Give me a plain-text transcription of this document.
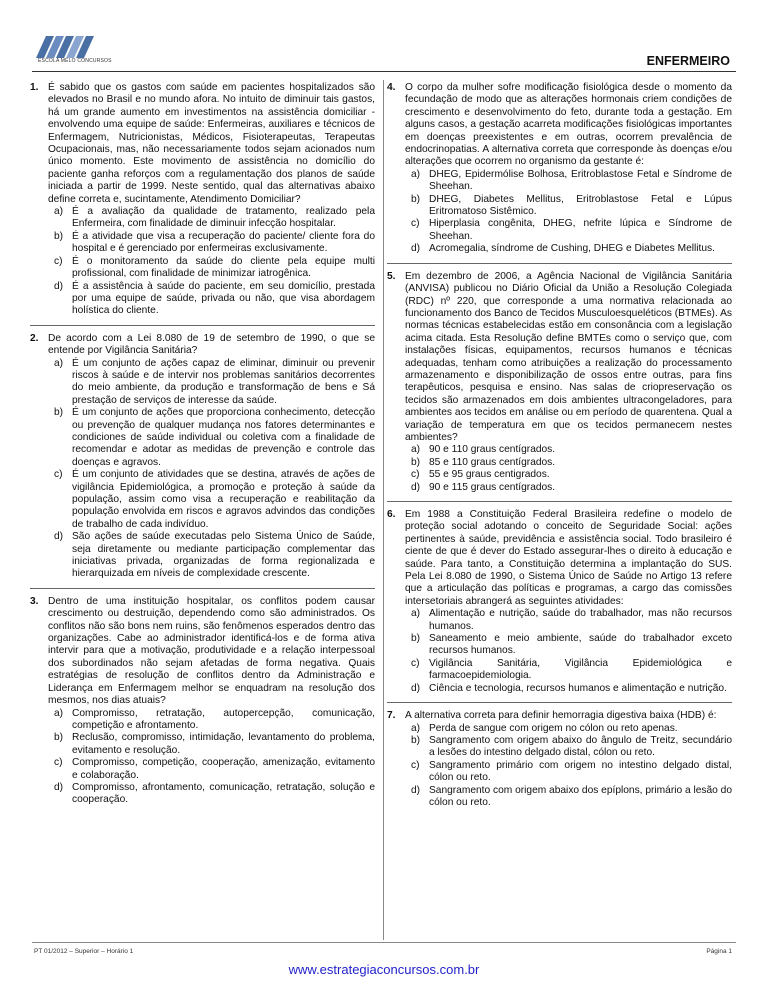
ESCOLA MELO CONCURSOS	ENFERMEIRO
1. É sabido que os gastos com saúde em pacientes hospitalizados são elevados no Brasil e no mundo afora. No intuito de diminuir tais gastos, há um grande aumento em investimentos na assistência domiciliar - envolvendo uma equipe de saúde: Enfermeiras, auxiliares e técnicos de Enfermagem, Nutricionistas, Médicos, Fisioterapeutas, Terapeutas Ocupacionais, mas, não necessariamente todos sejam acionados num único momento. Este movimento de assistência no domicílio do paciente ganha reforços com a regulamentação dos planos de saúde iniciada a partir de 1999. Neste sentido, qual das alternativas abaixo define correta e, sucintamente, Atendimento Domiciliar?

a) É a avaliação da qualidade de tratamento, realizado pela Enfermeira, com finalidade de diminuir infecção hospitalar.
b) É a atividade que visa a recuperação do paciente/ cliente fora do hospital e é gerenciado por enfermeiras exclusivamente.
c) É o monitoramento da saúde do cliente pela equipe multi profissional, com finalidade de minimizar iatrogênica.
d) É a assistência à saúde do paciente, em seu domicílio, prestada por uma equipe de saúde, privada ou não, que visa abordagem holística do cliente.
2. De acordo com a Lei 8.080 de 19 de setembro de 1990, o que se entende por Vigilância Sanitária?

a) É um conjunto de ações capaz de eliminar, diminuir ou prevenir riscos à saúde e de intervir nos problemas sanitários decorrentes do meio ambiente, da produção e transformação de bens e Sá prestação de serviços de interesse da saúde.
b) É um conjunto de ações que proporciona conhecimento, detecção ou prevenção de qualquer mudança nos fatores determinantes e condiciones de saúde individual ou coletiva com a finalidade de recomendar e adotar as medidas de prevenção e controle das doenças e agravos.
c) É um conjunto de atividades que se destina, através de ações de vigilância Epidemiológica, a promoção e proteção à saúde da população, assim como visa a recuperação e reabilitação da população envolvida em riscos e agravos advindos das condições de trabalho de cada indivíduo.
d) São ações de saúde executadas pelo Sistema Único de Saúde, seja diretamente ou mediante participação complementar das iniciativas privada, organizadas de forma regionalizada e hierarquizada em níveis de complexidade crescente.
3. Dentro de uma instituição hospitalar, os conflitos podem causar crescimento ou destruição, dependendo como são administrados. Os conflitos não são bons nem ruins, são fenômenos esperados dentro das organizações. Cabe ao administrador identificá-los e de forma ativa intervir para que a motivação, produtividade e a relação interpessoal dos subordinados não sejam afetadas de forma negativa. Quais estratégias de resolução de conflitos dentro da Administração e Liderança em Enfermagem melhor se enquadram na resolução dos mesmos, nos dias atuais?

a) Compromisso, retratação, autopercepção, comunicação, competição e afrontamento.
b) Reclusão, compromisso, intimidação, levantamento do problema, evitamento e resolução.
c) Compromisso, competição, cooperação, amenização, evitamento e colaboração.
d) Compromisso, afrontamento, comunicação, retratação, solução e cooperação.
4. O corpo da mulher sofre modificação fisiológica desde o momento da fecundação de modo que as alterações hormonais criem condições de crescimento e desenvolvimento do feto, durante toda a gestação. Em alguns casos, a gestação acarreta modificações fisiológicas importantes em doenças preexistentes e em outras, ocorrem prevalência de endocrinopatias. A alternativa correta que corresponde às doenças e/ou alterações que ocorrem no organismo da gestante é:

a) DHEG, Epidermólise Bolhosa, Eritroblastose Fetal e Síndrome de Sheehan.
b) DHEG, Diabetes Mellitus, Eritroblastose Fetal e Lúpus Eritromatoso Sistêmico.
c) Hiperplasia congênita, DHEG, nefrite lúpica e Síndrome de Sheehan.
d) Acromegalia, síndrome de Cushing, DHEG e Diabetes Mellitus.
5. Em dezembro de 2006, a Agência Nacional de Vigilância Sanitária (ANVISA) publicou no Diário Oficial da União a Resolução Colegiada (RDC) nº 220, que corresponde a uma normativa relacionada ao funcionamento dos Banco de Tecidos Musculoesqueléticos (BTMEs). As normas técnicas estabelecidas estão em consonância com a legislação acima citada. Esta Resolução define BMTEs como o serviço que, com instalações físicas, equipamentos, recursos humanos e técnicas adequadas, tenham como atribuições a realização do processamento armazenamento e disponibilização de ossos entre outras, para fins terapêuticos, pesquisa e ensino. Nas salas de criopreservação os tecidos são armazenados em dois ambientes ultracongeladores, para ambientes aos tecidos em análise ou em período de quarentena. Qual a variação de temperatura em que os tecidos permanecem nestes ambientes?

a) 90 e 110 graus centígrados.
b) 85 e 110 graus centígrados.
c) 55 e 95 graus centigrados.
d) 90 e 115 graus centígrados.
6. Em 1988 a Constituição Federal Brasileira redefine o modelo de proteção social adotando o conceito de Seguridade Social: ações pertinentes à saúde, previdência e assistência social. Todo brasileiro é ciente de que é dever do Estado assegurar-lhes o direito à educação e saúde. Para tanto, a Constituição determina a implantação do SUS. Pela Lei 8.080 de 1990, o Sistema Único de Saúde no Artigo 13 refere que a articulação das políticas e programas, a cargo das comissões intersetoriais abrangerá as seguintes atividades:

a) Alimentação e nutrição, saúde do trabalhador, mas não recursos humanos.
b) Saneamento e meio ambiente, saúde do trabalhador exceto recursos humanos.
c) Vigilância Sanitária, Vigilância Epidemiológica e farmacoepidemiologia.
d) Ciência e tecnologia, recursos humanos e alimentação e nutrição.
7. A alternativa correta para definir hemorragia digestiva baixa (HDB) é:

a) Perda de sangue com origem no cólon ou reto apenas.
b) Sangramento com origem abaixo do ângulo de Treitz, secundário a lesões do intestino delgado distal, cólon ou reto.
c) Sangramento primário com origem no intestino delgado distal, cólon ou reto.
d) Sangramento com origem abaixo dos epíplons, primário a lesão do cólon ou reto.
PT 01/2012 – Superior – Horário 1	Página 1
www.estrategiaconcursos.com.br
